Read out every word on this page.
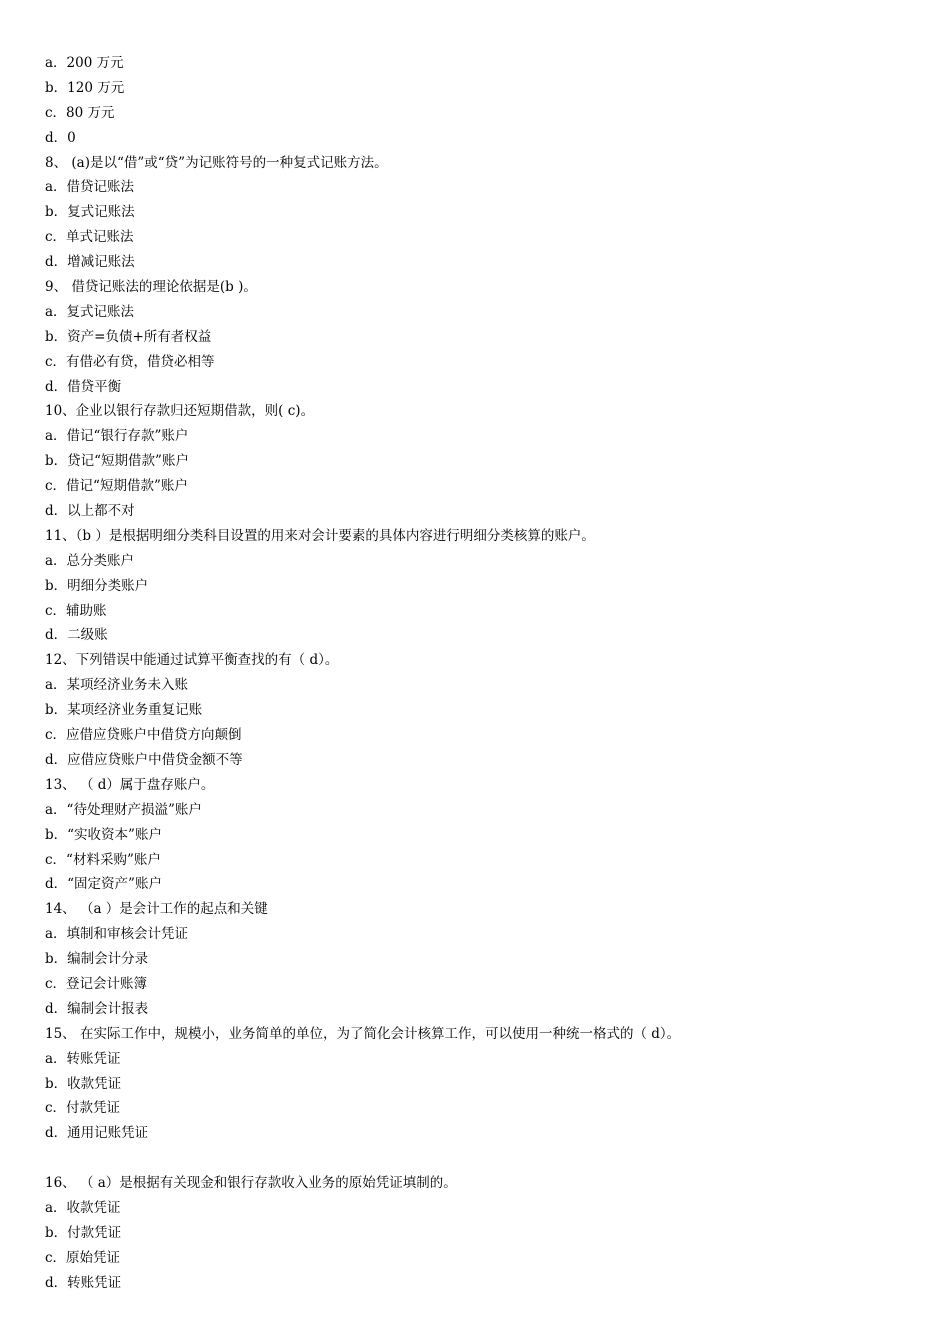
a．200 万元
b．120 万元
c．80 万元
d．0
8、 (a)是以“借”或“贷”为记账符号的一种复式记账方法。
a．借贷记账法
b．复式记账法
c．单式记账法
d．增减记账法
9、 借贷记账法的理论依据是(b )。
a．复式记账法
b．资产=负债+所有者权益
c．有借必有贷，借贷必相等
d．借贷平衡
10、企业以银行存款归还短期借款，则( c)。
a．借记“银行存款”账户
b．贷记“短期借款”账户
c．借记“短期借款”账户
d．以上都不对
11、（b ）是根据明细分类科目设置的用来对会计要素的具体内容进行明细分类核算的账户。
a．总分类账户
b．明细分类账户
c．辅助账
d．二级账
12、下列错误中能通过试算平衡查找的有（ d）。
a．某项经济业务未入账
b．某项经济业务重复记账
c．应借应贷账户中借贷方向颠倒
d．应借应贷账户中借贷金额不等
13、 （ d）属于盘存账户。
a．“待处理财产损溢”账户
b．“实收资本”账户
c．“材料采购”账户
d．“固定资产”账户
14、 （a ）是会计工作的起点和关键
a．填制和审核会计凭证
b．编制会计分录
c．登记会计账簿
d．编制会计报表
15、 在实际工作中，规模小，业务简单的单位，为了简化会计核算工作，可以使用一种统一格式的（ d）。
a．转账凭证
b．收款凭证
c．付款凭证
d．通用记账凭证
16、 （ a）是根据有关现金和银行存款收入业务的原始凭证填制的。
a．收款凭证
b．付款凭证
c．原始凭证
d．转账凭证
